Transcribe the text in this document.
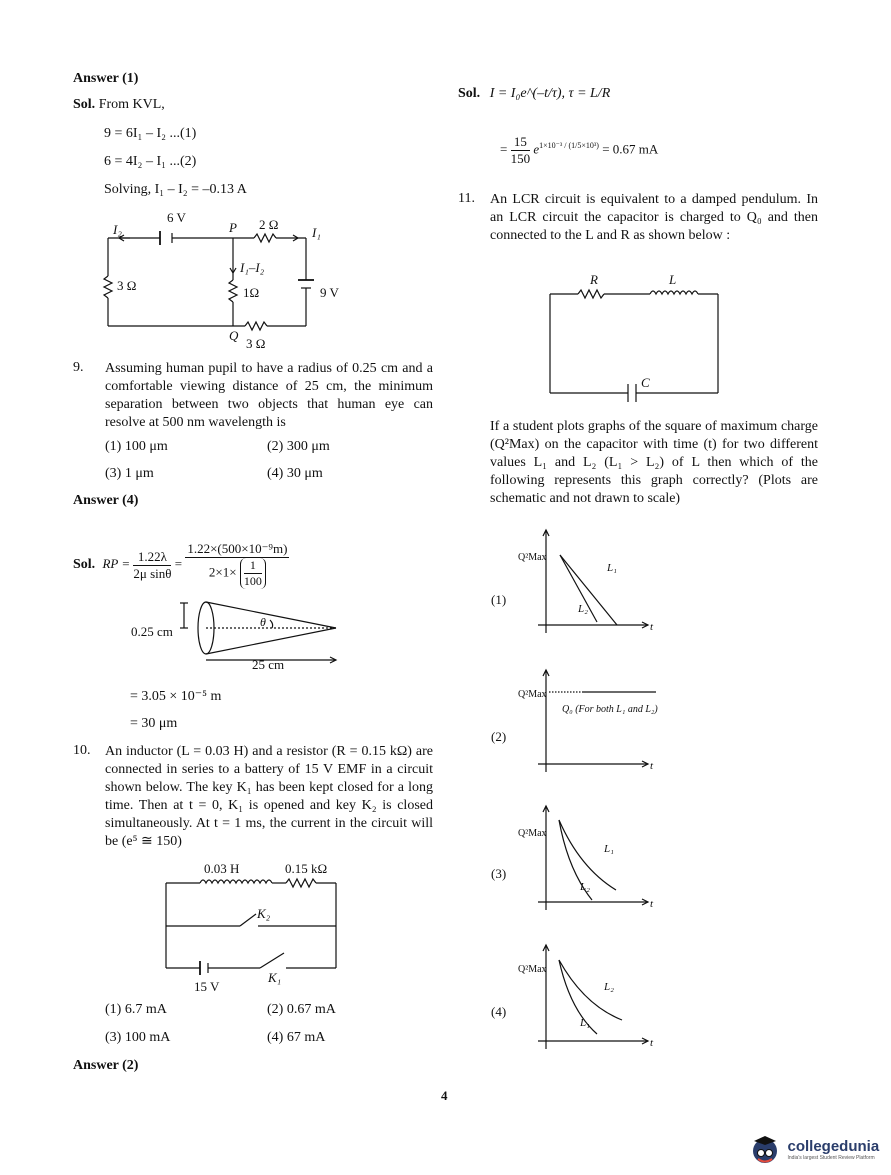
Answer (1)
Sol. From KVL,
9 = 6I₁ – I₂ ...(1)
6 = 4I₂ – I₁ ...(2)
Solving, I₁ – I₂ = –0.13 A
6 V
I₂	P 2 Ω
I₁
I₁–I₂
3 Ω	1Ω	9 V
Q
3 Ω
9. Assuming human pupil to have a radius of 0.25 cm and a comfortable viewing distance of 25 cm, the minimum separation between two objects that human eye can resolve at 500 nm wavelength is
(1) 100 μm	(2) 300 μm
(3) 1 μm	(4) 30 μm
Answer (4)
Sol. RP = $\frac{1.22\lambda}{\text{2μ sinθ}} = \frac{\text{1.22×(500×10⁻⁹m)}}{2\times 1\times \frac{1}{100}}$
0.25 cm
θ
25 cm
= 3.05 × 10⁻⁵ m
= 30 μm
10. An inductor (L = 0.03 H) and a resistor (R = 0.15 kΩ) are connected in series to a battery of 15 V EMF in a circuit shown below. The key K₁ has been kept closed for a long time. Then at t = 0, K₁ is opened and key K₂ is closed simultaneously. At t = 1 ms, the current in the circuit will be (e⁵ ≅ 150)
0.03 H	0.15 kΩ
K₂
K₁
15 V
(1) 6.7 mA	(2) 0.67 mA
(3) 100 mA	(4) 67 mA
Answer (2)
Sol. I = I₀e^(–t/τ), τ = L/R
= $\frac{15}{150} e^{1\times 10^{-3} / (1/5\times 10^3)} = 0.67$ mA
11. An LCR circuit is equivalent to a damped pendulum. In an LCR circuit the capacitor is charged to Q₀ and then connected to the L and R as shown below :
R	L
C
If a student plots graphs of the square of maximum charge (Q²Max) on the capacitor with time (t) for two different values L₁ and L₂ (L₁ > L₂) of L then which of the following represents this graph correctly? (Plots are schematic and not drawn to scale)
(1)
Q²Max
t
L₁
L₂
(2)
Q²Max
t
Q₀ (For both L₁ and L₂)
(3)
Q²Max
t
L₁
L₂
(4)
Q²Max
t
L₂
L₁
4

collegedunia
India's largest Student Review Platform
